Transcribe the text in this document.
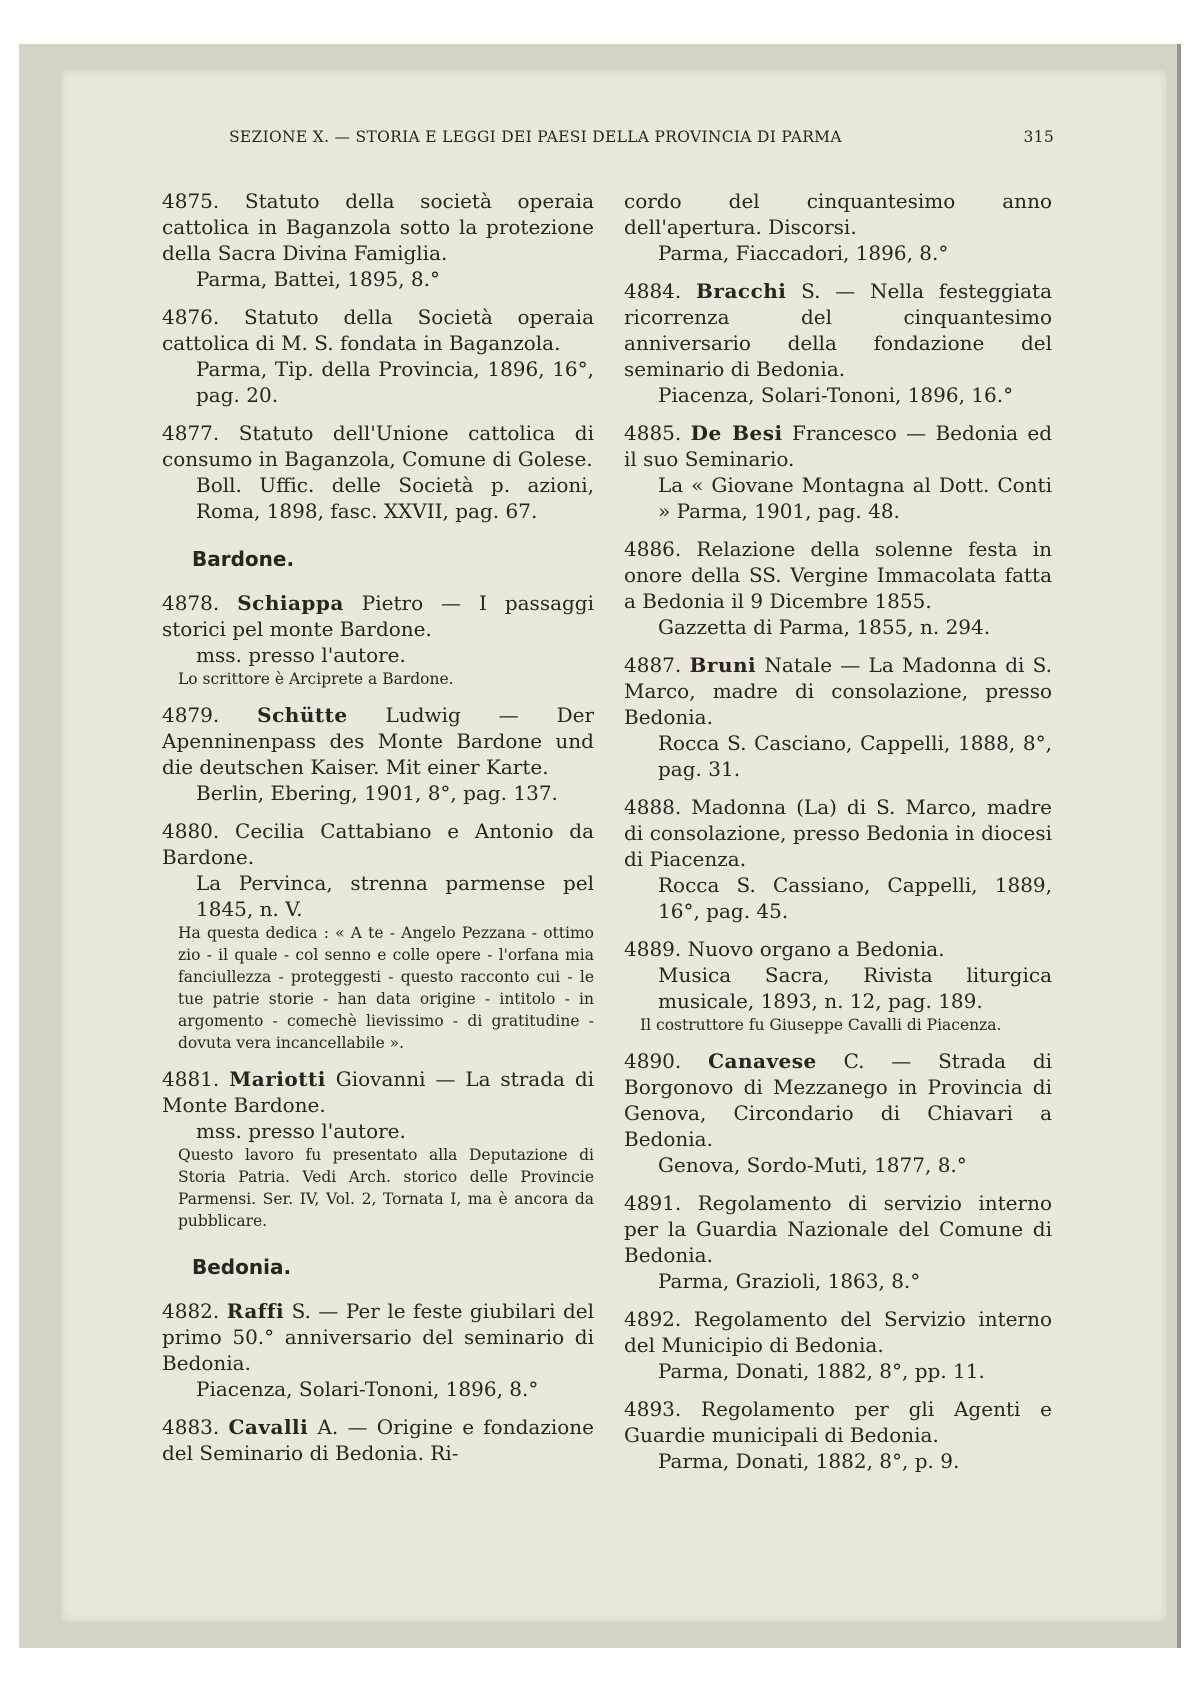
SEZIONE X. — STORIA E LEGGI DEI PAESI DELLA PROVINCIA DI PARMA	315

4875. Statuto della società operaia cattolica in Baganzola sotto la protezione della Sacra Divina Famiglia.

Parma, Battei, 1895, 8.°

4876. Statuto della Società operaia cattolica di M. S. fondata in Baganzola.

Parma, Tip. della Provincia, 1896, 16°, pag. 20.

4877. Statuto dell'Unione cattolica di consumo in Baganzola, Comune di Golese.

Boll. Uffic. delle Società p. azioni, Roma, 1898, fasc. XXVII, pag. 67.

Bardone.

4878. Schiappa Pietro — I passaggi storici pel monte Bardone.

mss. presso l'autore.

Lo scrittore è Arciprete a Bardone.

4879. Schütte Ludwig — Der Apenninenpass des Monte Bardone und die deutschen Kaiser. Mit einer Karte.

Berlin, Ebering, 1901, 8°, pag. 137.

4880. Cecilia Cattabiano e Antonio da Bardone.

La Pervinca, strenna parmense pel 1845, n. V.

Ha questa dedica : « A te - Angelo Pezzana - ottimo zio - il quale - col senno e colle opere - l'orfana mia fanciullezza - proteggesti - questo racconto cui - le tue patrie storie - han data origine - intitolo - in argomento - comechè lievissimo - di gratitudine - dovuta vera incancellabile ».

4881. Mariotti Giovanni — La strada di Monte Bardone.

mss. presso l'autore.

Questo lavoro fu presentato alla Deputazione di Storia Patria. Vedi Arch. storico delle Provincie Parmensi. Ser. IV, Vol. 2, Tornata I, ma è ancora da pubblicare.

Bedonia.

4882. Raffi S. — Per le feste giubilari del primo 50.° anniversario del seminario di Bedonia.

Piacenza, Solari-Tononi, 1896, 8.°

4883. Cavalli A. — Origine e fondazione del Seminario di Bedonia. Ri-

cordo del cinquantesimo anno dell'apertura. Discorsi.

Parma, Fiaccadori, 1896, 8.°

4884. Bracchi S. — Nella festeggiata ricorrenza del cinquantesimo anniversario della fondazione del seminario di Bedonia.

Piacenza, Solari-Tononi, 1896, 16.°

4885. De Besi Francesco — Bedonia ed il suo Seminario.

La « Giovane Montagna al Dott. Conti » Parma, 1901, pag. 48.

4886. Relazione della solenne festa in onore della SS. Vergine Immacolata fatta a Bedonia il 9 Dicembre 1855.

Gazzetta di Parma, 1855, n. 294.

4887. Bruni Natale — La Madonna di S. Marco, madre di consolazione, presso Bedonia.

Rocca S. Casciano, Cappelli, 1888, 8°, pag. 31.

4888. Madonna (La) di S. Marco, madre di consolazione, presso Bedonia in diocesi di Piacenza.

Rocca S. Cassiano, Cappelli, 1889, 16°, pag. 45.

4889. Nuovo organo a Bedonia.

Musica Sacra, Rivista liturgica musicale, 1893, n. 12, pag. 189.

Il costruttore fu Giuseppe Cavalli di Piacenza.

4890. Canavese C. — Strada di Borgonovo di Mezzanego in Provincia di Genova, Circondario di Chiavari a Bedonia.

Genova, Sordo-Muti, 1877, 8.°

4891. Regolamento di servizio interno per la Guardia Nazionale del Comune di Bedonia.

Parma, Grazioli, 1863, 8.°

4892. Regolamento del Servizio interno del Municipio di Bedonia.

Parma, Donati, 1882, 8°, pp. 11.

4893. Regolamento per gli Agenti e Guardie municipali di Bedonia.

Parma, Donati, 1882, 8°, p. 9.
